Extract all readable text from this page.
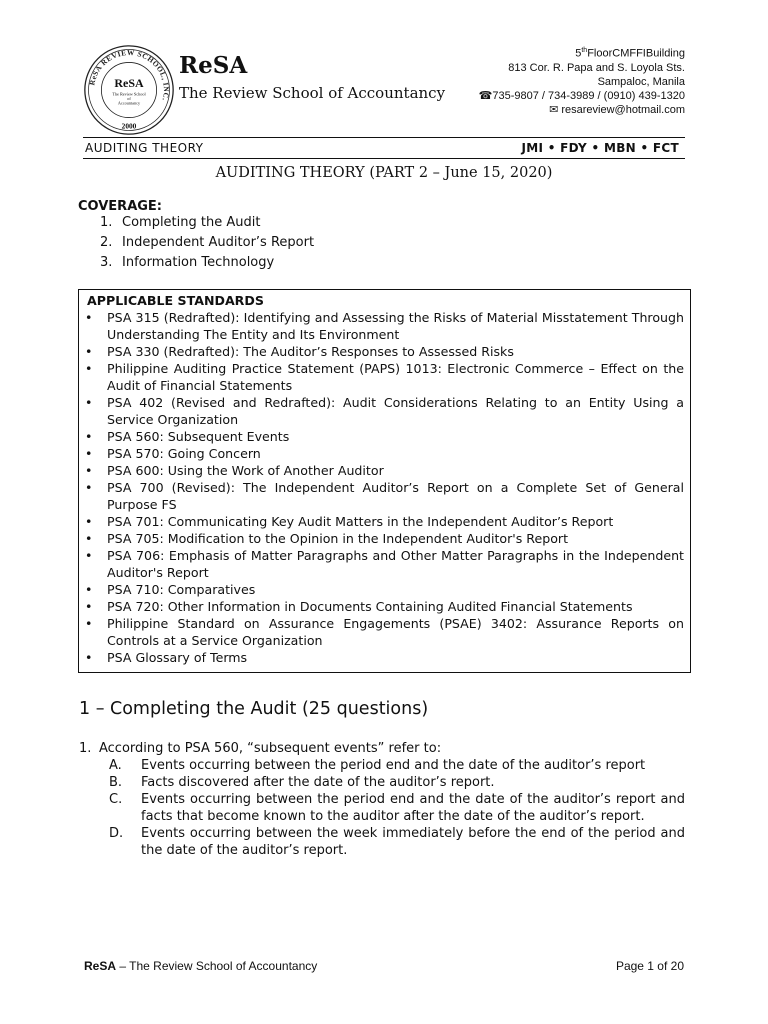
ReSA REVIEW SCHOOL, INC.
ReSA
The Review School
of
Accountancy
2000
ReSA
The Review School of Accountancy
5thFloorCMFFIBuilding
813 Cor. R. Papa and S. Loyola Sts.
Sampaloc, Manila
☎735-9807 / 734-3989 / (0910) 439-1320
✉ resareview@hotmail.com
AUDITING THEORY	JMI • FDY • MBN • FCT
AUDITING THEORY (PART 2 – June 15, 2020)
COVERAGE:
1. Completing the Audit
2. Independent Auditor’s Report
3. Information Technology
APPLICABLE STANDARDS
•	PSA 315 (Redrafted): Identifying and Assessing the Risks of Material Misstatement Through Understanding The Entity and Its Environment
•	PSA 330 (Redrafted): The Auditor’s Responses to Assessed Risks
•	Philippine Auditing Practice Statement (PAPS) 1013: Electronic Commerce – Effect on the Audit of Financial Statements
•	PSA 402 (Revised and Redrafted): Audit Considerations Relating to an Entity Using a Service Organization
•	PSA 560: Subsequent Events
•	PSA 570: Going Concern
•	PSA 600: Using the Work of Another Auditor
•	PSA 700 (Revised): The Independent Auditor’s Report on a Complete Set of General Purpose FS
•	PSA 701: Communicating Key Audit Matters in the Independent Auditor’s Report
•	PSA 705: Modification to the Opinion in the Independent Auditor's Report
•	PSA 706: Emphasis of Matter Paragraphs and Other Matter Paragraphs in the Independent Auditor's Report
•	PSA 710: Comparatives
•	PSA 720: Other Information in Documents Containing Audited Financial Statements
•	Philippine Standard on Assurance Engagements (PSAE) 3402: Assurance Reports on Controls at a Service Organization
•	PSA Glossary of Terms
1 – Completing the Audit (25 questions)
1. According to PSA 560, “subsequent events” refer to:
A.	Events occurring between the period end and the date of the auditor’s report
B.	Facts discovered after the date of the auditor’s report.
C.	Events occurring between the period end and the date of the auditor’s report and facts that become known to the auditor after the date of the auditor’s report.
D.	Events occurring between the week immediately before the end of the period and the date of the auditor’s report.
ReSA – The Review School of Accountancy	Page 1 of 20
